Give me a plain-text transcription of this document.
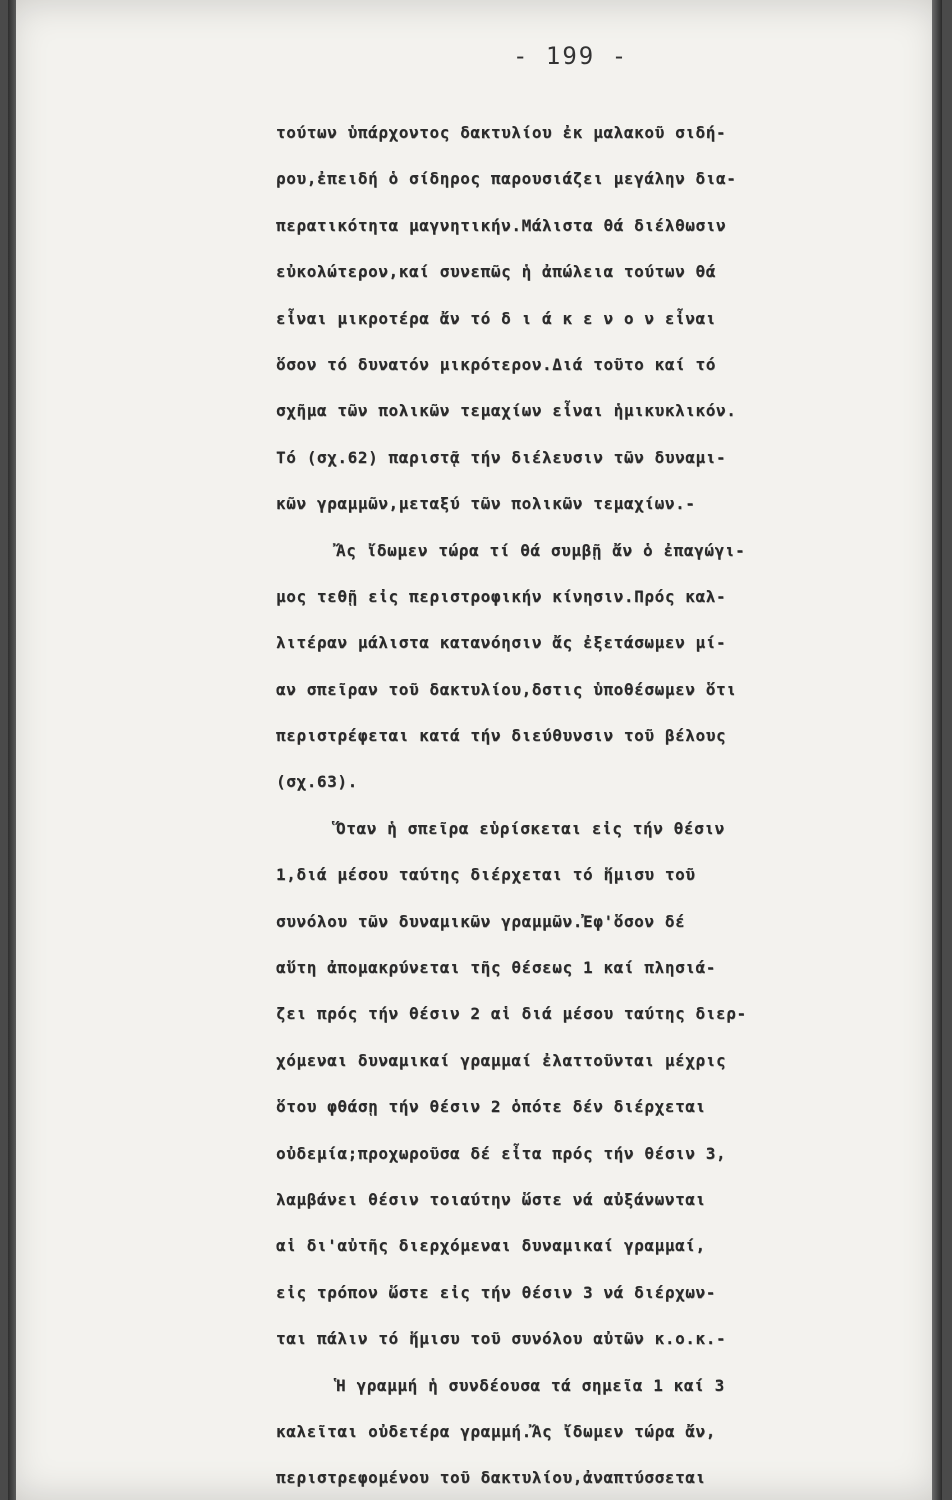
- 199 -
τούτων ὑπάρχοντος δακτυλίου ἐκ μαλακοῦ σιδή-
ρου,ἐπειδή ὁ σίδηρος παρουσιάζει μεγάλην δια-
περατικότητα μαγνητικήν.Μάλιστα θά διέλθωσιν
εὐκολώτερον,καί συνεπῶς ἡ ἀπώλεια τούτων θά
εἶναι μικροτέρα ἄν τό δ ι ά κ ε ν ο ν εἶναι
ὅσον τό δυνατόν μικρότερον.Διά τοῦτο καί τό
σχῆμα τῶν πολικῶν τεμαχίων εἶναι ἡμικυκλικόν.
Τό (σχ.62) παριστᾷ τήν διέλευσιν τῶν δυναμι-
κῶν γραμμῶν,μεταξύ τῶν πολικῶν τεμαχίων.-
Ἄς ἴδωμεν τώρα τί θά συμβῇ ἄν ὁ ἐπαγώγι-
μος τεθῇ εἰς περιστροφικήν κίνησιν.Πρός καλ-
λιτέραν μάλιστα κατανόησιν ἄς ἐξετάσωμεν μί-
αν σπεῖραν τοῦ δακτυλίου,δστις ὑποθέσωμεν ὅτι
περιστρέφεται κατά τήν διεύθυνσιν τοῦ βέλους
(σχ.63).
Ὅταν ἡ σπεῖρα εὑρίσκεται εἰς τήν θέσιν
1,διά μέσου ταύτης διέρχεται τό ἥμισυ τοῦ
συνόλου τῶν δυναμικῶν γραμμῶν.Ἐφ'ὅσον δέ
αὕτη ἀπομακρύνεται τῆς θέσεως 1 καί πλησιά-
ζει πρός τήν θέσιν 2 αἱ διά μέσου ταύτης διερ-
χόμεναι δυναμικαί γραμμαί ἐλαττοῦνται μέχρις
ὅτου φθάσῃ τήν θέσιν 2 ὁπότε δέν διέρχεται
οὐδεμία;προχωροῦσα δέ εἶτα πρός τήν θέσιν 3,
λαμβάνει θέσιν τοιαύτην ὥστε νά αὐξάνωνται
αἱ δι'αὐτῆς διερχόμεναι δυναμικαί γραμμαί,
εἰς τρόπον ὥστε εἰς τήν θέσιν 3 νά διέρχων-
ται πάλιν τό ἥμισυ τοῦ συνόλου αὐτῶν κ.ο.κ.-
Ἡ γραμμή ἡ συνδέουσα τά σημεῖα 1 καί 3
καλεῖται οὐδετέρα γραμμή.Ἄς ἴδωμεν τώρα ἄν,
περιστρεφομένου τοῦ δακτυλίου,ἀναπτύσσεται
